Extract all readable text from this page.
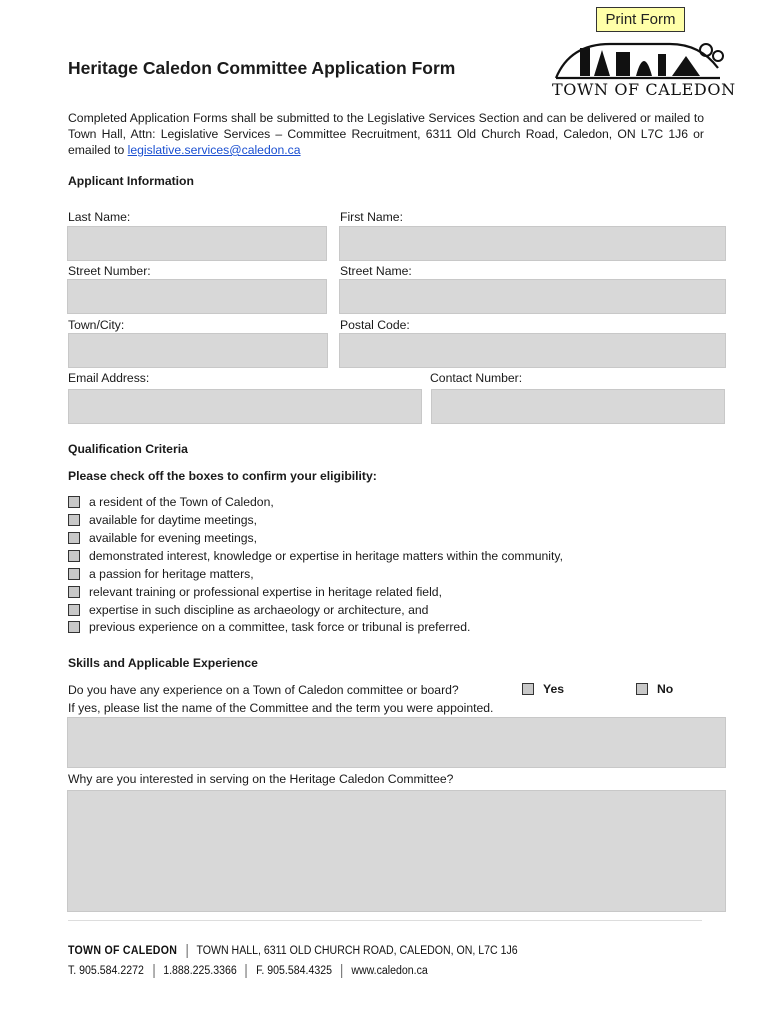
Print Form
TOWN OF CALEDON
Heritage Caledon Committee Application Form
Completed Application Forms shall be submitted to the Legislative Services Section and can be delivered or mailed to Town Hall, Attn: Legislative Services – Committee Recruitment, 6311 Old Church Road, Caledon, ON L7C 1J6 or emailed to legislative.services@caledon.ca
Applicant Information
Last Name:	First Name:
Street Number:	Street Name:
Town/City:	Postal Code:
Email Address:	Contact Number:
Qualification Criteria
Please check off the boxes to confirm your eligibility:
a resident of the Town of Caledon,
available for daytime meetings,
available for evening meetings,
demonstrated interest, knowledge or expertise in heritage matters within the community,
a passion for heritage matters,
relevant training or professional expertise in heritage related field,
expertise in such discipline as archaeology or architecture, and
previous experience on a committee, task force or tribunal is preferred.
Skills and Applicable Experience
Do you have any experience on a Town of Caledon committee or board?	Yes	No
If yes, please list the name of the Committee and the term you were appointed.
Why are you interested in serving on the Heritage Caledon Committee?
TOWN OF CALEDON TOWN HALL, 6311 OLD CHURCH ROAD, CALEDON, ON, L7C 1J6
T. 905.584.2272 1.888.225.3366 F. 905.584.4325 www.caledon.ca
